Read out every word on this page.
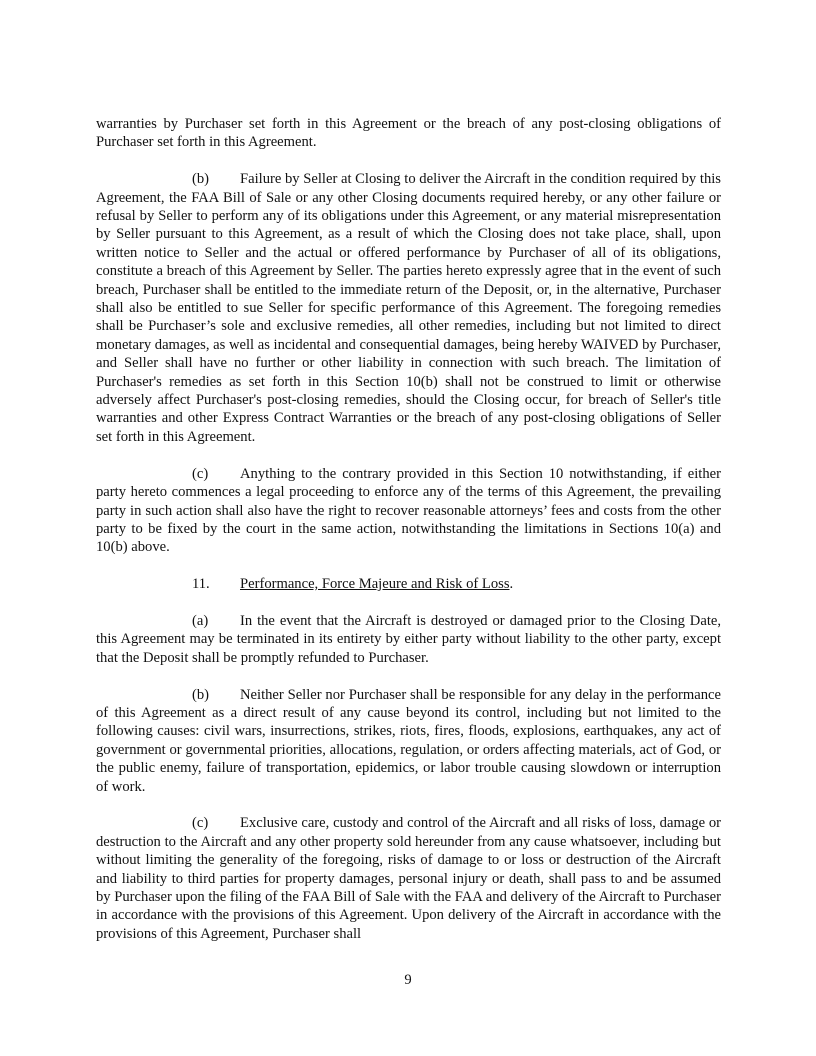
warranties by Purchaser set forth in this Agreement or the breach of any post-closing obligations of Purchaser set forth in this Agreement.

(b) Failure by Seller at Closing to deliver the Aircraft in the condition required by this Agreement, the FAA Bill of Sale or any other Closing documents required hereby, or any other failure or refusal by Seller to perform any of its obligations under this Agreement, or any material misrepresentation by Seller pursuant to this Agreement, as a result of which the Closing does not take place, shall, upon written notice to Seller and the actual or offered performance by Purchaser of all of its obligations, constitute a breach of this Agreement by Seller. The parties hereto expressly agree that in the event of such breach, Purchaser shall be entitled to the immediate return of the Deposit, or, in the alternative, Purchaser shall also be entitled to sue Seller for specific performance of this Agreement. The foregoing remedies shall be Purchaser’s sole and exclusive remedies, all other remedies, including but not limited to direct monetary damages, as well as incidental and consequential damages, being hereby WAIVED by Purchaser, and Seller shall have no further or other liability in connection with such breach. The limitation of Purchaser's remedies as set forth in this Section 10(b) shall not be construed to limit or otherwise adversely affect Purchaser's post-closing remedies, should the Closing occur, for breach of Seller's title warranties and other Express Contract Warranties or the breach of any post-closing obligations of Seller set forth in this Agreement.

(c) Anything to the contrary provided in this Section 10 notwithstanding, if either party hereto commences a legal proceeding to enforce any of the terms of this Agreement, the prevailing party in such action shall also have the right to recover reasonable attorneys’ fees and costs from the other party to be fixed by the court in the same action, notwithstanding the limitations in Sections 10(a) and 10(b) above.

11. Performance, Force Majeure and Risk of Loss.

(a) In the event that the Aircraft is destroyed or damaged prior to the Closing Date, this Agreement may be terminated in its entirety by either party without liability to the other party, except that the Deposit shall be promptly refunded to Purchaser.

(b) Neither Seller nor Purchaser shall be responsible for any delay in the performance of this Agreement as a direct result of any cause beyond its control, including but not limited to the following causes: civil wars, insurrections, strikes, riots, fires, floods, explosions, earthquakes, any act of government or governmental priorities, allocations, regulation, or orders affecting materials, act of God, or the public enemy, failure of transportation, epidemics, or labor trouble causing slowdown or interruption of work.

(c) Exclusive care, custody and control of the Aircraft and all risks of loss, damage or destruction to the Aircraft and any other property sold hereunder from any cause whatsoever, including but without limiting the generality of the foregoing, risks of damage to or loss or destruction of the Aircraft and liability to third parties for property damages, personal injury or death, shall pass to and be assumed by Purchaser upon the filing of the FAA Bill of Sale with the FAA and delivery of the Aircraft to Purchaser in accordance with the provisions of this Agreement. Upon delivery of the Aircraft in accordance with the provisions of this Agreement, Purchaser shall

9
